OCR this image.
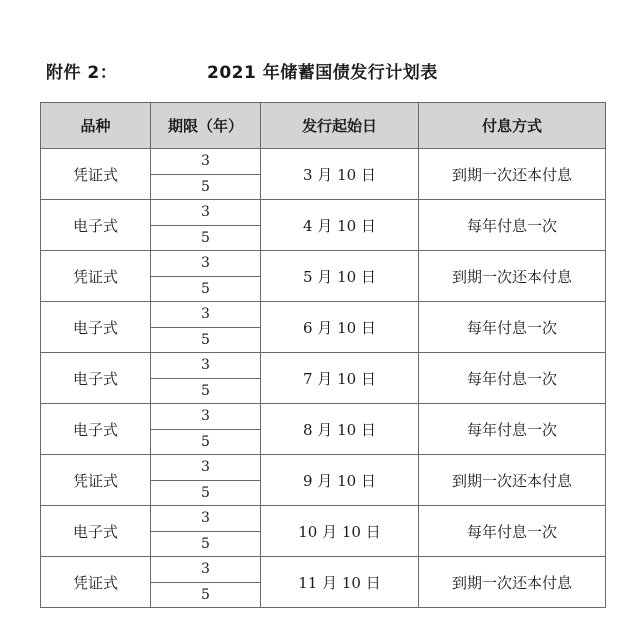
附件 2：	2021 年储蓄国债发行计划表
品种	期限（年）	发行起始日	付息方式
凭证式	3	3 月 10 日	到期一次还本付息
	5		
电子式	3	4 月 10 日	每年付息一次
	5		
凭证式	3	5 月 10 日	到期一次还本付息
	5		
电子式	3	6 月 10 日	每年付息一次
	5		
电子式	3	7 月 10 日	每年付息一次
	5		
电子式	3	8 月 10 日	每年付息一次
	5		
凭证式	3	9 月 10 日	到期一次还本付息
	5		
电子式	3	10 月 10 日	每年付息一次
	5		
凭证式	3	11 月 10 日	到期一次还本付息
	5		
